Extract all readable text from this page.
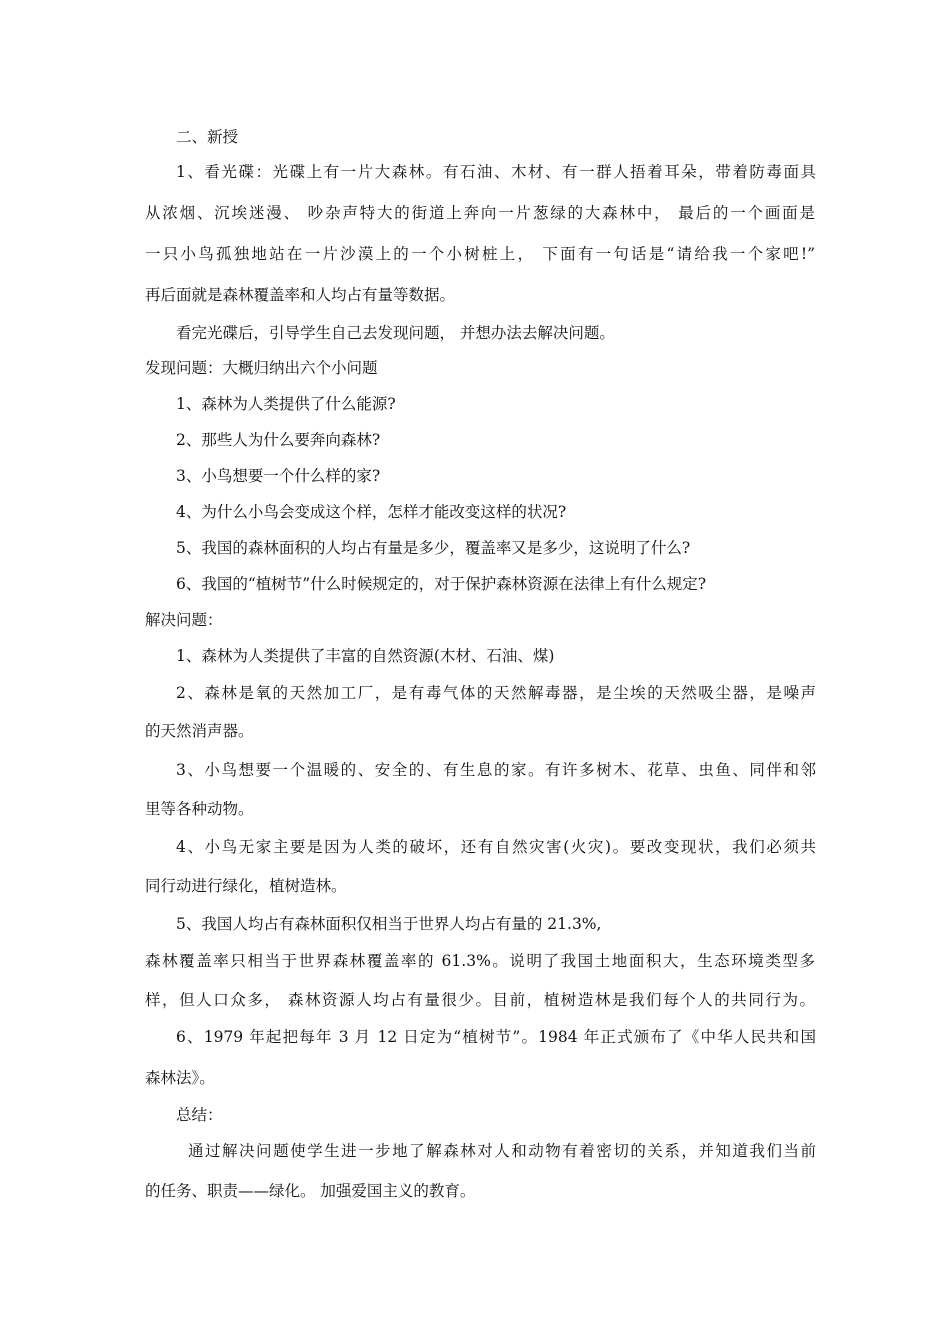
二、新授
1、看光碟：光碟上有一片大森林。有石油、木材、有一群人捂着耳朵，带着防毒面具
从浓烟、沉埃迷漫、 吵杂声特大的街道上奔向一片葱绿的大森林中， 最后的一个画面是
一只小鸟孤独地站在一片沙漠上的一个小树桩上， 下面有一句话是“请给我一个家吧!”
再后面就是森林覆盖率和人均占有量等数据。
看完光碟后，引导学生自己去发现问题， 并想办法去解决问题。
发现问题：大概归纳出六个小问题
1、森林为人类提供了什么能源?
2、那些人为什么要奔向森林?
3、小鸟想要一个什么样的家?
4、为什么小鸟会变成这个样，怎样才能改变这样的状况?
5、我国的森林面积的人均占有量是多少，覆盖率又是多少，这说明了什么?
6、我国的“植树节”什么时候规定的，对于保护森林资源在法律上有什么规定?
解决问题：
1、森林为人类提供了丰富的自然资源(木材、石油、煤)
2、森林是氧的天然加工厂，是有毒气体的天然解毒器，是尘埃的天然吸尘器，是噪声
的天然消声器。
3、小鸟想要一个温暖的、安全的、有生息的家。有许多树木、花草、虫鱼、同伴和邻
里等各种动物。
4、小鸟无家主要是因为人类的破坏，还有自然灾害(火灾)。要改变现状，我们必须共
同行动进行绿化，植树造林。
5、我国人均占有森林面积仅相当于世界人均占有量的 21.3%,
森林覆盖率只相当于世界森林覆盖率的 61.3%。说明了我国土地面积大，生态环境类型多
样，但人口众多， 森林资源人均占有量很少。目前，植树造林是我们每个人的共同行为。
6、1979 年起把每年 3 月 12 日定为“植树节”。1984 年正式颁布了《中华人民共和国
森林法》。
总结：
通过解决问题使学生进一步地了解森林对人和动物有着密切的关系，并知道我们当前
的任务、职责——绿化。 加强爱国主义的教育。
